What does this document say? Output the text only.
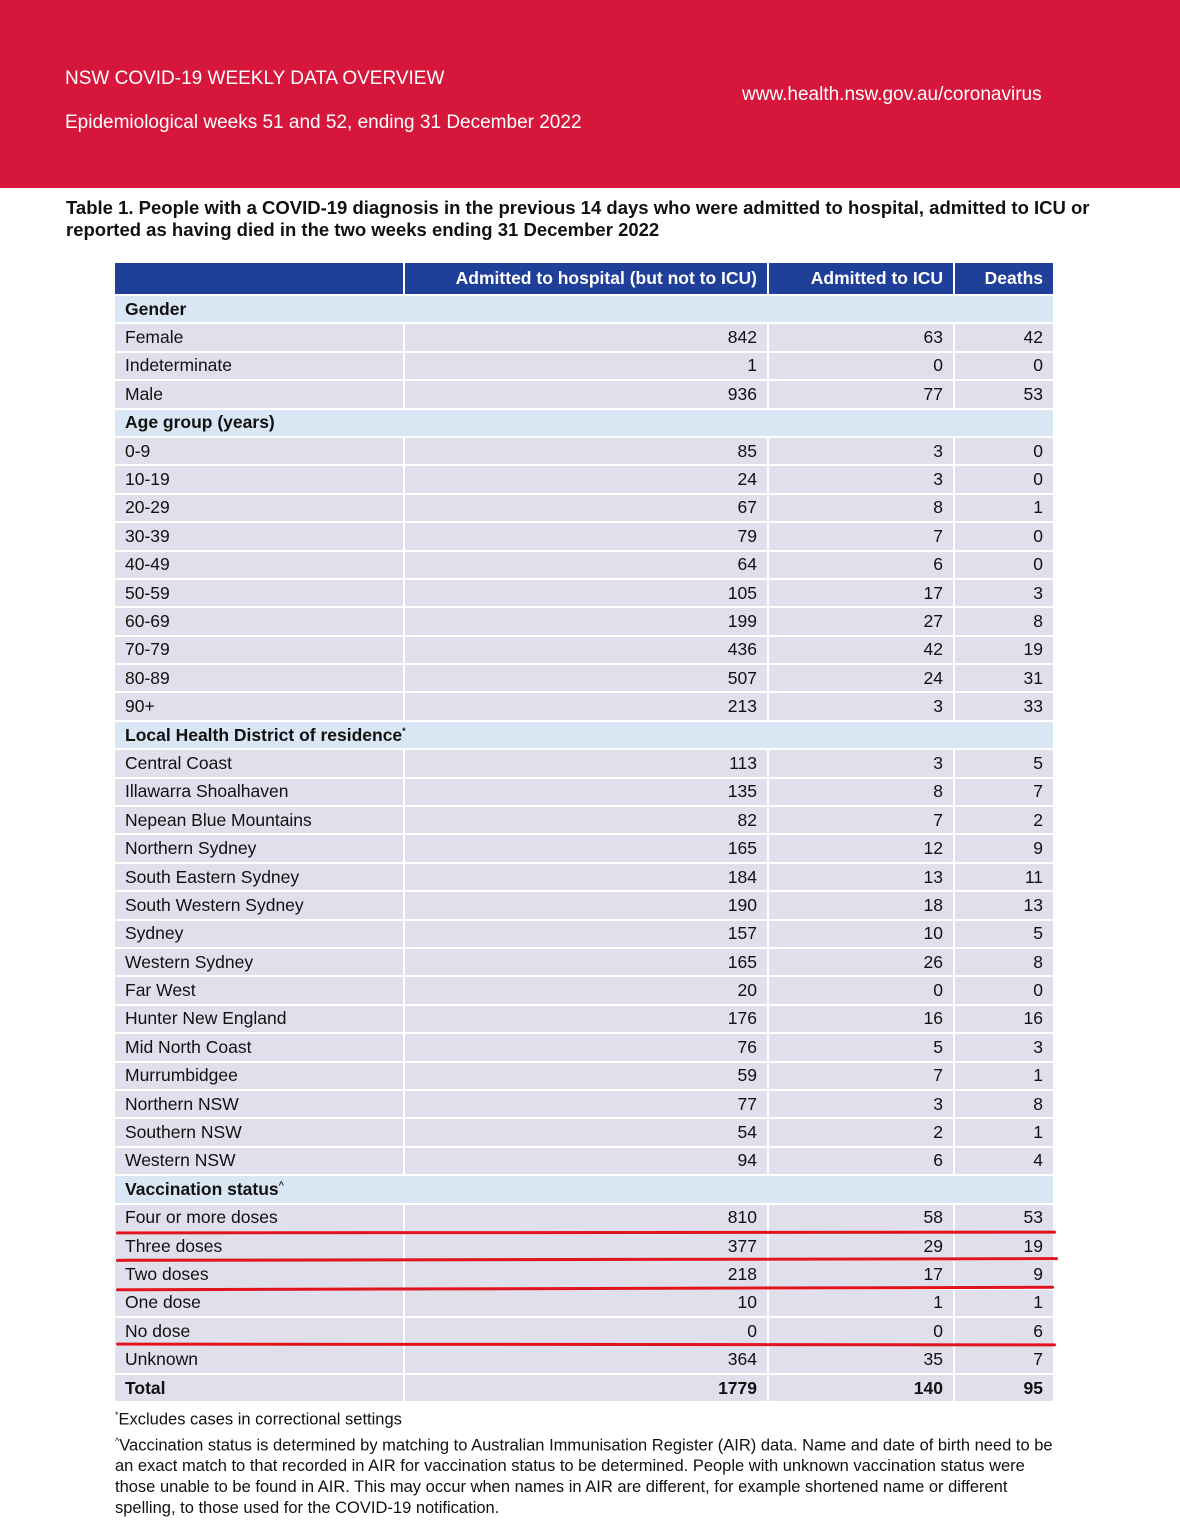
NSW COVID-19 WEEKLY DATA OVERVIEW
Epidemiological weeks 51 and 52, ending 31 December 2022
www.health.nsw.gov.au/coronavirus
Table 1. People with a COVID-19 diagnosis in the previous 14 days who were admitted to hospital, admitted to ICU or reported as having died in the two weeks ending 31 December 2022
	Admitted to hospital (but not to ICU)	Admitted to ICU	Deaths
Gender			
Female	842	63	42
Indeterminate	1	0	0
Male	936	77	53
Age group (years)			
0-9	85	3	0
10-19	24	3	0
20-29	67	8	1
30-39	79	7	0
40-49	64	6	0
50-59	105	17	3
60-69	199	27	8
70-79	436	42	19
80-89	507	24	31
90+	213	3	33
Local Health District of residence*
Central Coast	113	3	5
Illawarra Shoalhaven	135	8	7
Nepean Blue Mountains	82	7	2
Northern Sydney	165	12	9
South Eastern Sydney	184	13	11
South Western Sydney	190	18	13
Sydney	157	10	5
Western Sydney	165	26	8
Far West	20	0	0
Hunter New England	176	16	16
Mid North Coast	76	5	3
Murrumbidgee	59	7	1
Northern NSW	77	3	8
Southern NSW	54	2	1
Western NSW	94	6	4
Vaccination status^
Four or more doses	810	58	53
Three doses	377	29	19
Two doses	218	17	9
One dose	10	1	1
No dose	0	0	6
Unknown	364	35	7
Total	1779	140	95

*Excludes cases in correctional settings

^Vaccination status is determined by matching to Australian Immunisation Register (AIR) data. Name and date of birth need to be an exact match to that recorded in AIR for vaccination status to be determined. People with unknown vaccination status were those unable to be found in AIR. This may occur when names in AIR are different, for example shortened name or different spelling, to those used for the COVID-19 notification.
